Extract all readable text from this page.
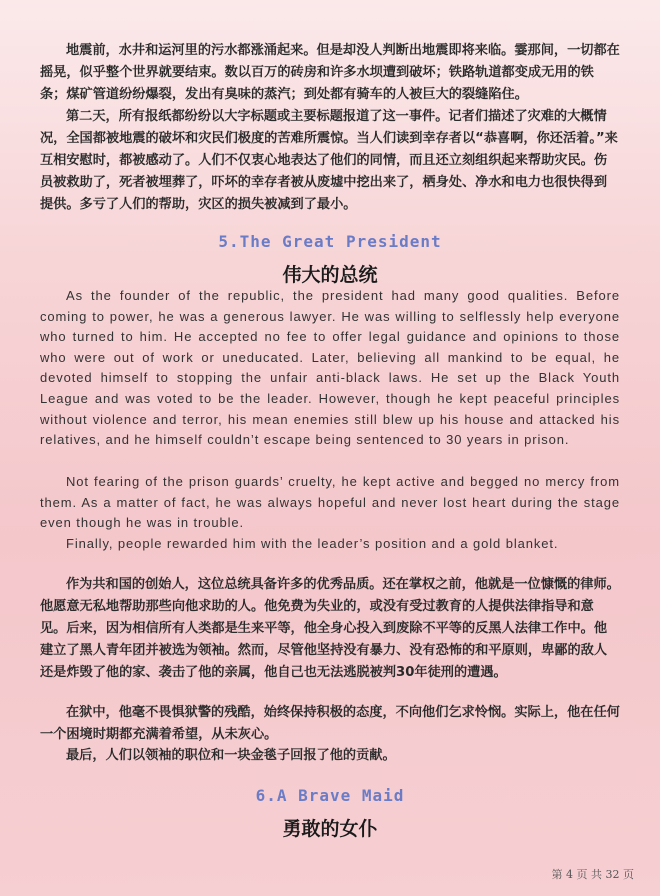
地震前，水井和运河里的污水都涨涌起来。但是却没人判断出地震即将来临。霎那间，一切都在摇晃，似乎整个世界就要结束。数以百万的砖房和许多水坝遭到破坏；铁路轨道都变成无用的铁条；煤矿管道纷纷爆裂，发出有臭味的蒸汽；到处都有骑车的人被巨大的裂缝陷住。

第二天，所有报纸都纷纷以大字标题或主要标题报道了这一事件。记者们描述了灾难的大概情况，全国都被地震的破坏和灾民们极度的苦难所震惊。当人们读到幸存者以“恭喜啊，你还活着。”来互相安慰时，都被感动了。人们不仅衷心地表达了他们的同情，而且还立刻组织起来帮助灾民。伤员被救助了，死者被埋葬了，吓坏的幸存者被从废墟中挖出来了，栖身处、净水和电力也很快得到提供。多亏了人们的帮助，灾区的损失被减到了最小。

5.The Great President
伟大的总统

As the founder of the republic, the president had many good qualities. Before coming to power, he was a generous lawyer. He was willing to selflessly help everyone who turned to him. He accepted no fee to offer legal guidance and opinions to those who were out of work or uneducated. Later, believing all mankind to be equal, he devoted himself to stopping the unfair anti-black laws. He set up the Black Youth League and was voted to be the leader. However, though he kept peaceful principles without violence and terror, his mean enemies still blew up his house and attacked his relatives, and he himself couldn’t escape being sentenced to 30 years in prison.

Not fearing of the prison guards’ cruelty, he kept active and begged no mercy from them. As a matter of fact, he was always hopeful and never lost heart during the stage even though he was in trouble.

Finally, people rewarded him with the leader’s position and a gold blanket.

作为共和国的创始人，这位总统具备许多的优秀品质。还在掌权之前，他就是一位慷慨的律师。他愿意无私地帮助那些向他求助的人。他免费为失业的，或没有受过教育的人提供法律指导和意见。后来，因为相信所有人类都是生来平等，他全身心投入到废除不平等的反黑人法律工作中。他建立了黑人青年团并被选为领袖。然而，尽管他坚持没有暴力、没有恐怖的和平原则，卑鄙的敌人还是炸毁了他的家、袭击了他的亲属，他自己也无法逃脱被判30年徒刑的遭遇。

在狱中，他毫不畏惧狱警的残酷，始终保持积极的态度，不向他们乞求怜悯。实际上，他在任何一个困境时期都充满着希望，从未灰心。

最后，人们以领袖的职位和一块金毯子回报了他的贡献。

6.A Brave Maid
勇敢的女仆
第 4 页 共 32 页
